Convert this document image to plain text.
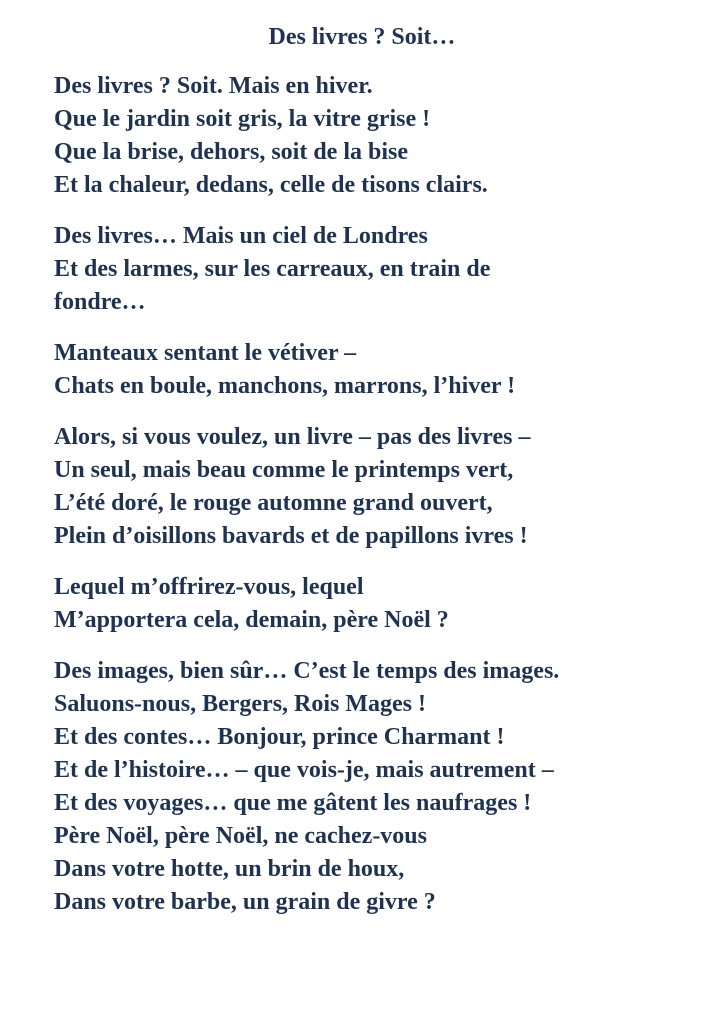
Des livres ? Soit…
Des livres ? Soit. Mais en hiver.
Que le jardin soit gris, la vitre grise !
Que la brise, dehors, soit de la bise
Et la chaleur, dedans, celle de tisons clairs.
Des livres… Mais un ciel de Londres
Et des larmes, sur les carreaux, en train de
fondre…
Manteaux sentant le vétiver –
Chats en boule, manchons, marrons, l’hiver !
Alors, si vous voulez, un livre – pas des livres –
Un seul, mais beau comme le printemps vert,
L’été doré, le rouge automne grand ouvert,
Plein d’oisillons bavards et de papillons ivres !
Lequel m’offrirez-vous, lequel
M’apportera cela, demain, père Noël ?
Des images, bien sûr… C’est le temps des images.
Saluons-nous, Bergers, Rois Mages !
Et des contes… Bonjour, prince Charmant !
Et de l’histoire… – que vois-je, mais autrement –
Et des voyages… que me gâtent les naufrages !
Père Noël, père Noël, ne cachez-vous
Dans votre hotte, un brin de houx,
Dans votre barbe, un grain de givre ?
